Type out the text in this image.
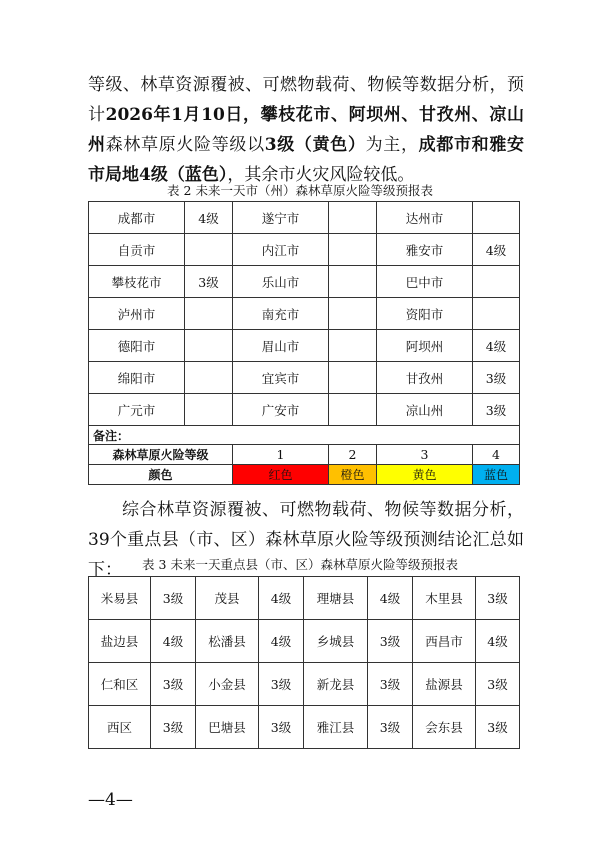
等级、林草资源覆被、可燃物载荷、物候等数据分析，预计2026年1月10日，攀枝花市、阿坝州、甘孜州、凉山州森林草原火险等级以3级（黄色）为主，成都市和雅安市局地4级（蓝色），其余市火灾风险较低。

表 2 未来一天市（州）森林草原火险等级预报表
成都市	4级	遂宁市		达州市	
自贡市		内江市		雅安市	4级
攀枝花市	3级	乐山市		巴中市	
泸州市		南充市		资阳市	
德阳市		眉山市		阿坝州	4级
绵阳市		宜宾市		甘孜州	3级
广元市		广安市		凉山州	3级
备注：					
森林草原火险等级		1	2	3	4
颜色		红色	橙色	黄色	蓝色

综合林草资源覆被、可燃物载荷、物候等数据分析，39个重点县（市、区）森林草原火险等级预测结论汇总如下：	表 3 未来一天重点县（市、区）森林草原火险等级预报表
米易县	3级	茂县	4级	理塘县	4级	木里县	3级
盐边县	4级	松潘县	4级	乡城县	3级	西昌市	4级
仁和区	3级	小金县	3级	新龙县	3级	盐源县	3级
西区	3级	巴塘县	3级	雅江县	3级	会东县	3级
—4—
